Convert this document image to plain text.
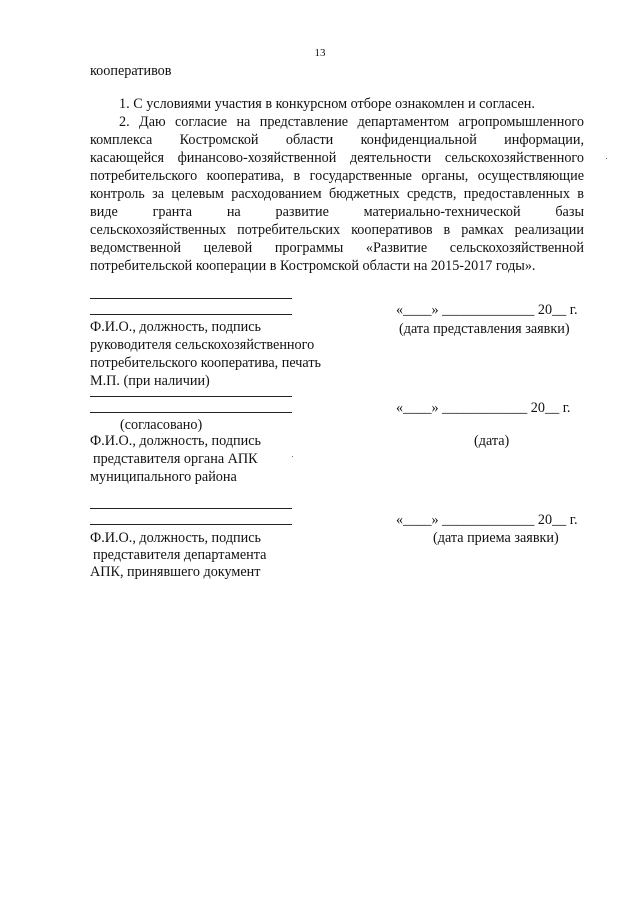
13
кооперативов
1. С условиями участия в конкурсном отборе ознакомлен и согласен.
2. Даю согласие на представление департаментом агропромышленного
комплекса Костромской области конфиденциальной информации,
касающейся финансово-хозяйственной деятельности сельскохозяйственного
потребительского кооператива, в государственные органы, осуществляющие
контроль за целевым расходованием бюджетных средств, предоставленных в
виде гранта на развитие материально-технической базы
сельскохозяйственных потребительских кооперативов в рамках реализации
ведомственной целевой программы «Развитие сельскохозяйственной
потребительской кооперации в Костромской области на 2015-2017 годы».
Ф.И.О., должность, подпись
руководителя сельскохозяйственного
потребительского кооператива, печать
М.П. (при наличии)
«____» _____________ 20__ г.
(дата представления заявки)
(согласовано)
Ф.И.О., должность, подпись
представителя органа АПК
муниципального района
«____» ____________ 20__ г.
(дата)
Ф.И.О., должность, подпись
представителя департамента
АПК, принявшего документ
«____» _____________ 20__ г.
(дата приема заявки)
